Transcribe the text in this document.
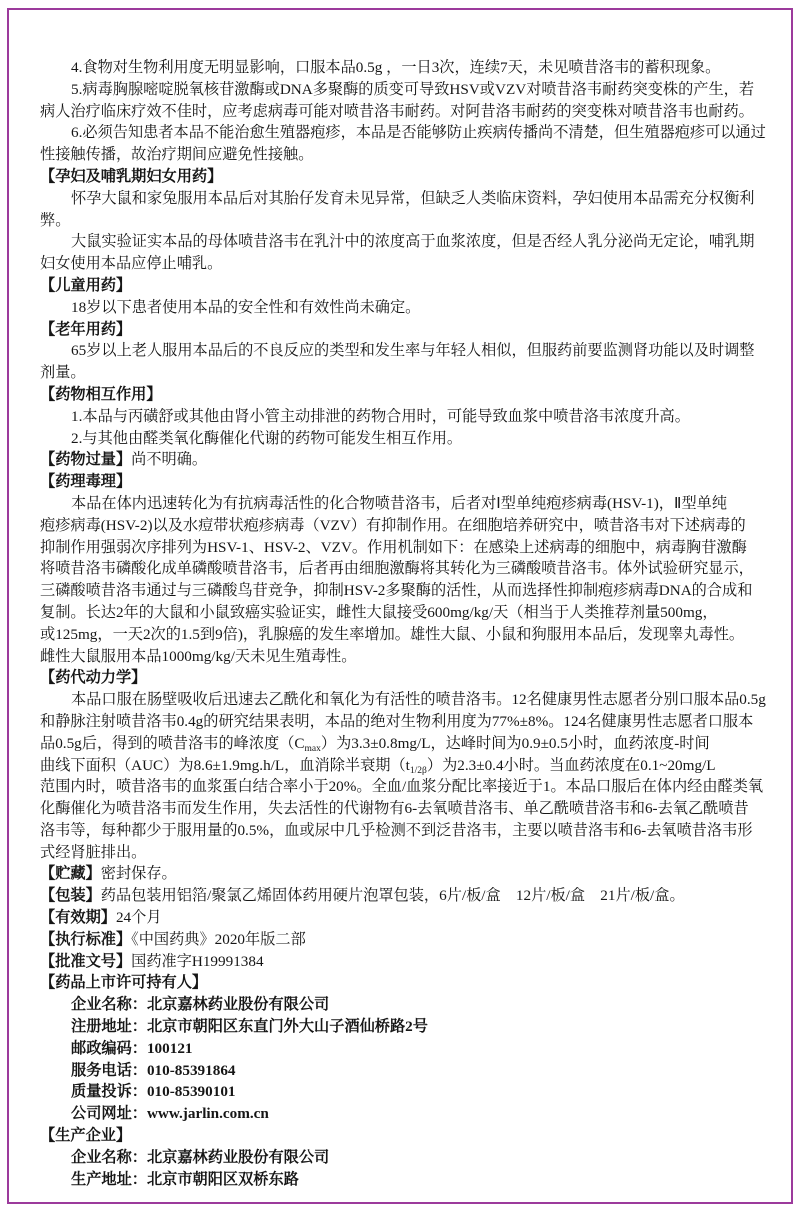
4.食物对生物利用度无明显影响，口服本品0.5g ，一日3次，连续7天，未见喷昔洛韦的蓄积现象。
5.病毒胸腺嘧啶脱氧核苷激酶或DNA多聚酶的质变可导致HSV或VZV对喷昔洛韦耐药突变株的产生，若
病人治疗临床疗效不佳时，应考虑病毒可能对喷昔洛韦耐药。对阿昔洛韦耐药的突变株对喷昔洛韦也耐药。
6.必须告知患者本品不能治愈生殖器疱疹，本品是否能够防止疾病传播尚不清楚，但生殖器疱疹可以通过
性接触传播，故治疗期间应避免性接触。
【孕妇及哺乳期妇女用药】
怀孕大鼠和家兔服用本品后对其胎仔发育未见异常，但缺乏人类临床资料，孕妇使用本品需充分权衡利弊。
大鼠实验证实本品的母体喷昔洛韦在乳汁中的浓度高于血浆浓度，但是否经人乳分泌尚无定论，哺乳期
妇女使用本品应停止哺乳。
【儿童用药】
18岁以下患者使用本品的安全性和有效性尚未确定。
【老年用药】
65岁以上老人服用本品后的不良反应的类型和发生率与年轻人相似，但服药前要监测肾功能以及时调整剂量。
【药物相互作用】
1.本品与丙磺舒或其他由肾小管主动排泄的药物合用时，可能导致血浆中喷昔洛韦浓度升高。
2.与其他由醛类氧化酶催化代谢的药物可能发生相互作用。
【药物过量】尚不明确。
【药理毒理】
本品在体内迅速转化为有抗病毒活性的化合物喷昔洛韦，后者对Ⅰ型单纯疱疹病毒(HSV-1)，Ⅱ型单纯
疱疹病毒(HSV-2)以及水痘带状疱疹病毒（VZV）有抑制作用。在细胞培养研究中，喷昔洛韦对下述病毒的
抑制作用强弱次序排列为HSV-1、HSV-2、VZV。作用机制如下：在感染上述病毒的细胞中，病毒胸苷激酶
将喷昔洛韦磷酸化成单磷酸喷昔洛韦，后者再由细胞激酶将其转化为三磷酸喷昔洛韦。体外试验研究显示，
三磷酸喷昔洛韦通过与三磷酸鸟苷竞争，抑制HSV-2多聚酶的活性，从而选择性抑制疱疹病毒DNA的合成和
复制。长达2年的大鼠和小鼠致癌实验证实，雌性大鼠接受600mg/kg/天（相当于人类推荐剂量500mg，
或125mg，一天2次的1.5到9倍)，乳腺癌的发生率增加。雄性大鼠、小鼠和狗服用本品后，发现睾丸毒性。
雌性大鼠服用本品1000mg/kg/天未见生殖毒性。
【药代动力学】
本品口服在肠壁吸收后迅速去乙酰化和氧化为有活性的喷昔洛韦。12名健康男性志愿者分别口服本品0.5g
和静脉注射喷昔洛韦0.4g的研究结果表明，本品的绝对生物利用度为77%±8%。124名健康男性志愿者口服本
品0.5g后，得到的喷昔洛韦的峰浓度$(C_{max})$为3.3±0.8mg/L，达峰时间为0.9±0.5小时，血药浓度-时间
曲线下面积（AUC）为8.6±1.9mg.h/L，血消除半衰期$(t_{1/2\beta})$为2.3±0.4小时。当血药浓度在0.1~20mg/L
范围内时，喷昔洛韦的血浆蛋白结合率小于20%。全血/血浆分配比率接近于1。本品口服后在体内经由醛类氧
化酶催化为喷昔洛韦而发生作用，失去活性的代谢物有6-去氧喷昔洛韦、单乙酰喷昔洛韦和6-去氧乙酰喷昔
洛韦等，每种都少于服用量的0.5%，血或尿中几乎检测不到泛昔洛韦，主要以喷昔洛韦和6-去氧喷昔洛韦形
式经肾脏排出。
【贮藏】密封保存。
【包装】药品包装用铝箔/聚氯乙烯固体药用硬片泡罩包装，6片/板/盒　12片/板/盒　21片/板/盒。
【有效期】24个月
【执行标准】《中国药典》2020年版二部
【批准文号】国药准字H19991384
【药品上市许可持有人】
企业名称：北京嘉林药业股份有限公司
注册地址：北京市朝阳区东直门外大山子酒仙桥路2号
邮政编码：100121
服务电话：010-85391864
质量投诉：010-85390101
公司网址：www.jarlin.com.cn
【生产企业】
企业名称：北京嘉林药业股份有限公司
生产地址：北京市朝阳区双桥东路
